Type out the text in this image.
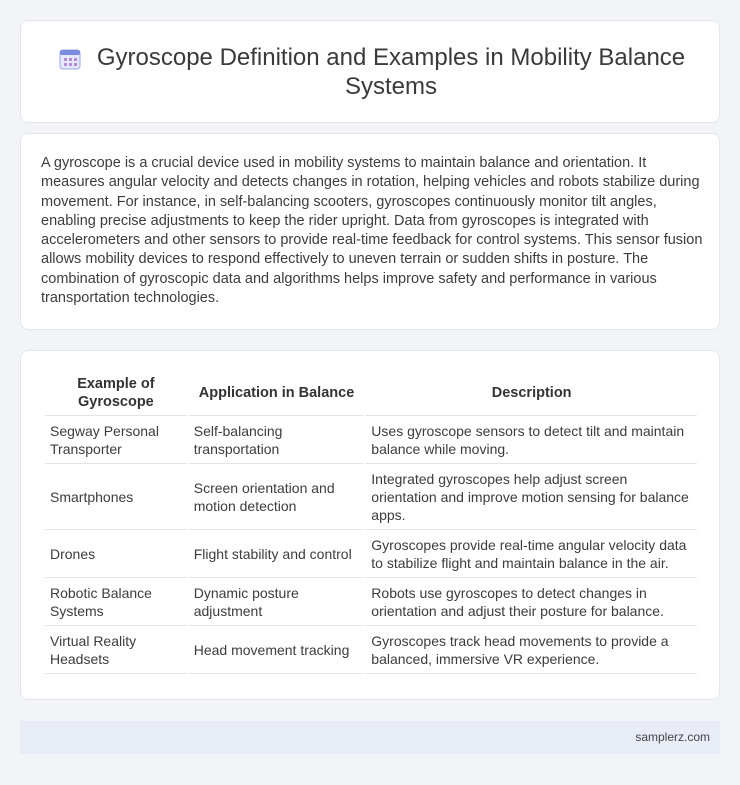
Gyroscope Definition and Examples in Mobility Balance Systems

A gyroscope is a crucial device used in mobility systems to maintain balance and orientation. It measures angular velocity and detects changes in rotation, helping vehicles and robots stabilize during movement. For instance, in self-balancing scooters, gyroscopes continuously monitor tilt angles, enabling precise adjustments to keep the rider upright. Data from gyroscopes is integrated with accelerometers and other sensors to provide real-time feedback for control systems. This sensor fusion allows mobility devices to respond effectively to uneven terrain or sudden shifts in posture. The combination of gyroscopic data and algorithms helps improve safety and performance in various transportation technologies.

Example of Gyroscope	Application in Balance	Description
Segway Personal Transporter	Self-balancing transportation	Uses gyroscope sensors to detect tilt and maintain balance while moving.
Smartphones	Screen orientation and motion detection	Integrated gyroscopes help adjust screen orientation and improve motion sensing for balance apps.
Drones	Flight stability and control	Gyroscopes provide real-time angular velocity data to stabilize flight and maintain balance in the air.
Robotic Balance Systems	Dynamic posture adjustment	Robots use gyroscopes to detect changes in orientation and adjust their posture for balance.
Virtual Reality Headsets	Head movement tracking	Gyroscopes track head movements to provide a balanced, immersive VR experience.
samplerz.com
